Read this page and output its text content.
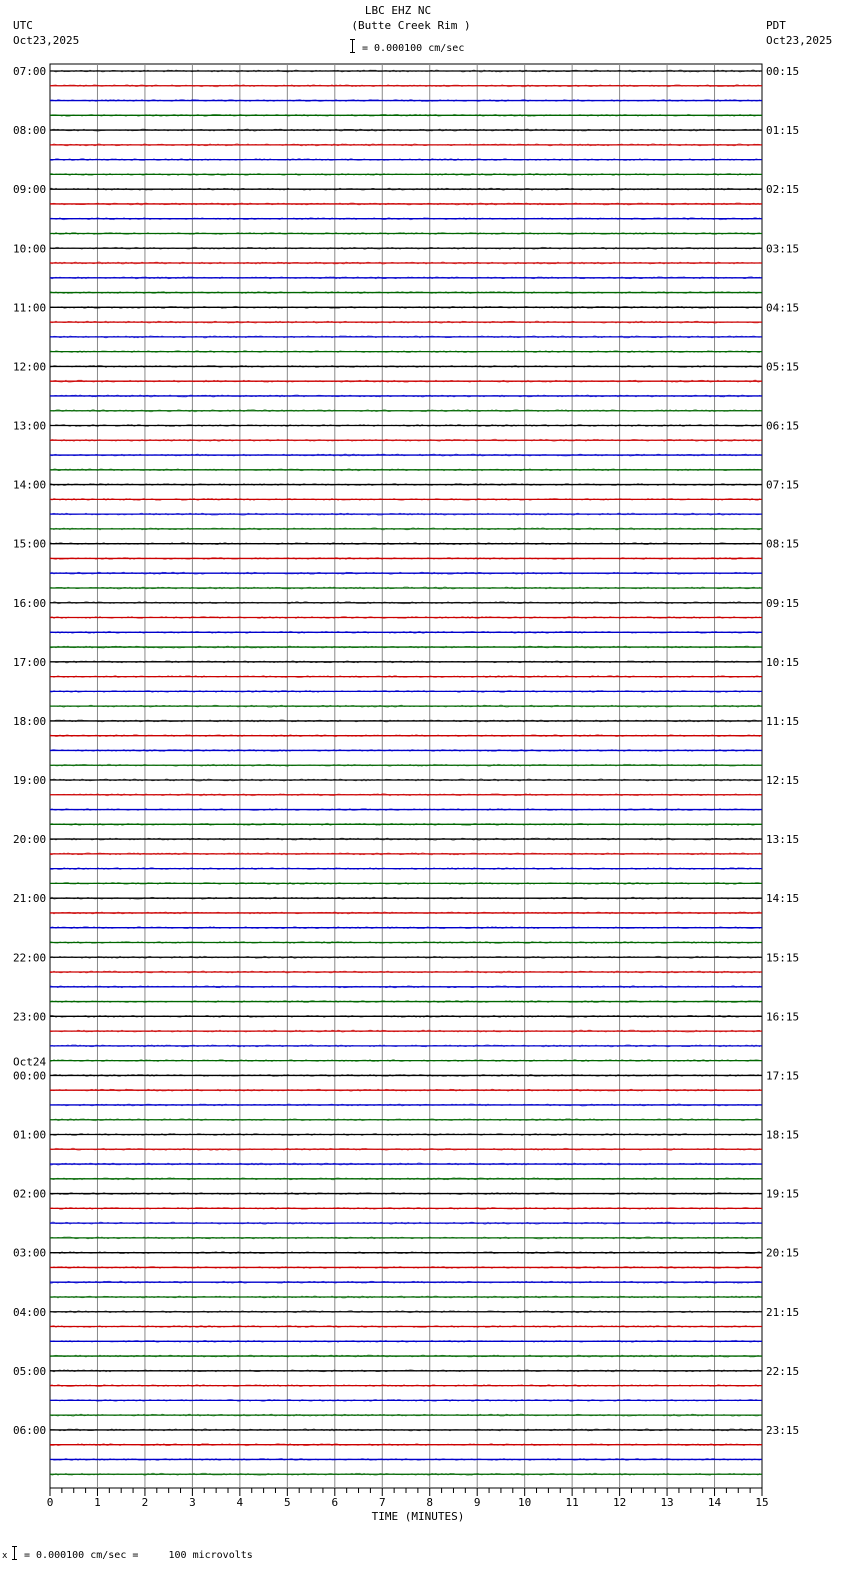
LBC EHZ NC
(Butte Creek Rim )
= 0.000100 cm/sec
UTC
Oct23,2025
PDT
Oct23,2025
07:00
08:00
09:00
10:00
11:00
12:00
13:00
14:00
15:00
16:00
17:00
18:00
19:00
20:00
21:00
22:00
23:00
00:00
Oct24
01:00
02:00
03:00
04:00
05:00
06:00
00:15
01:15
02:15
03:15
04:15
05:15
06:15
07:15
08:15
09:15
10:15
11:15
12:15
13:15
14:15
15:15
16:15
17:15
18:15
19:15
20:15
21:15
22:15
23:15
0	1	2	3	4	5	6	7	8	9	10	11	12	13	14	15
TIME (MINUTES)
x = 0.000100 cm/sec =     100 microvolts
